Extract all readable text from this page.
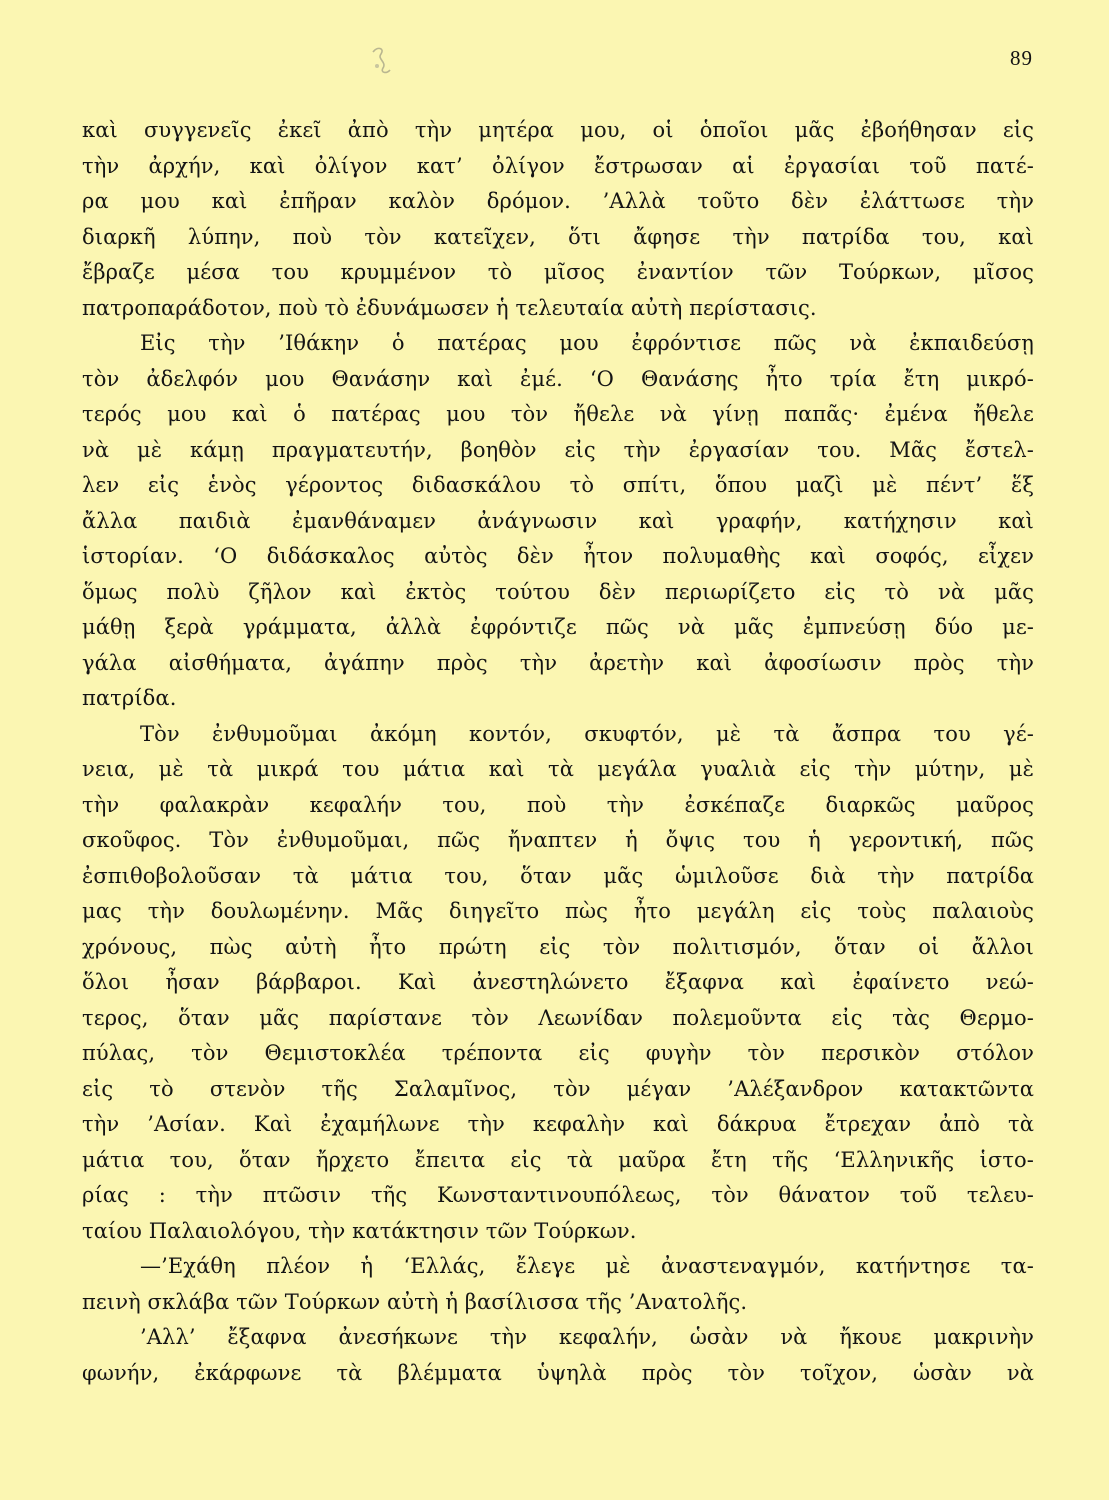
89
καὶ συγγενεῖς ἐκεῖ ἀπὸ τὴν μητέρα μου, οἱ ὁποῖοι μᾶς ἐβοήθησαν εἰς
τὴν ἀρχήν, καὶ ὀλίγον κατ’ ὀλίγον ἔστρωσαν αἱ ἐργασίαι τοῦ πατέ-
ρα μου καὶ ἐπῆραν καλὸν δρόμον. ’Αλλὰ τοῦτο δὲν ἐλάττωσε τὴν
διαρκῆ λύπην, ποὺ τὸν κατεῖχεν, ὅτι ἄφησε τὴν πατρίδα του, καὶ
ἔβραζε μέσα του κρυμμένον τὸ μῖσος ἐναντίον τῶν Τούρκων, μῖσος
πατροπαράδοτον, ποὺ τὸ ἐδυνάμωσεν ἡ τελευταία αὐτὴ περίστασις.
Εἰς τὴν ’Ιθάκην ὁ πατέρας μου ἐφρόντισε πῶς νὰ ἐκπαιδεύσῃ
τὸν ἀδελφόν μου Θανάσην καὶ ἐμέ. ‘Ο Θανάσης ἦτο τρία ἔτη μικρό-
τερός μου καὶ ὁ πατέρας μου τὸν ἤθελε νὰ γίνῃ παπᾶς· ἐμένα ἤθελε
νὰ μὲ κάμῃ πραγματευτήν, βοηθὸν εἰς τὴν ἐργασίαν του. Μᾶς ἔστελ-
λεν εἰς ἑνὸς γέροντος διδασκάλου τὸ σπίτι, ὅπου μαζὶ μὲ πέντ’ ἕξ
ἄλλα παιδιὰ ἐμανθάναμεν ἀνάγνωσιν καὶ γραφήν, κατήχησιν καὶ
ἱστορίαν. ‘Ο διδάσκαλος αὐτὸς δὲν ἦτον πολυμαθὴς καὶ σοφός, εἶχεν
ὅμως πολὺ ζῆλον καὶ ἐκτὸς τούτου δὲν περιωρίζετο εἰς τὸ νὰ μᾶς
μάθῃ ξερὰ γράμματα, ἀλλὰ ἐφρόντιζε πῶς νὰ μᾶς ἐμπνεύσῃ δύο με-
γάλα αἰσθήματα, ἀγάπην πρὸς τὴν ἀρετὴν καὶ ἀφοσίωσιν πρὸς τὴν
πατρίδα.
Τὸν ἐνθυμοῦμαι ἀκόμη κοντόν, σκυφτόν, μὲ τὰ ἄσπρα του γέ-
νεια, μὲ τὰ μικρά του μάτια καὶ τὰ μεγάλα γυαλιὰ εἰς τὴν μύτην, μὲ
τὴν φαλακρὰν κεφαλήν του, ποὺ τὴν ἐσκέπαζε διαρκῶς μαῦρος
σκοῦφος. Τὸν ἐνθυμοῦμαι, πῶς ἤναπτεν ἡ ὄψις του ἡ γεροντική, πῶς
ἐσπιθοβολοῦσαν τὰ μάτια του, ὅταν μᾶς ὡμιλοῦσε διὰ τὴν πατρίδα
μας τὴν δουλωμένην. Μᾶς διηγεῖτο πὼς ἦτο μεγάλη εἰς τοὺς παλαιοὺς
χρόνους, πὼς αὐτὴ ἦτο πρώτη εἰς τὸν πολιτισμόν, ὅταν οἱ ἄλλοι
ὅλοι ἦσαν βάρβαροι. Καὶ ἀνεστηλώνετο ἔξαφνα καὶ ἐφαίνετο νεώ-
τερος, ὅταν μᾶς παρίστανε τὸν Λεωνίδαν πολεμοῦντα εἰς τὰς Θερμο-
πύλας, τὸν Θεμιστοκλέα τρέποντα εἰς φυγὴν τὸν περσικὸν στόλον
εἰς τὸ στενὸν τῆς Σαλαμῖνος, τὸν μέγαν ’Αλέξανδρον κατακτῶντα
τὴν ’Ασίαν. Καὶ ἐχαμήλωνε τὴν κεφαλὴν καὶ δάκρυα ἔτρεχαν ἀπὸ τὰ
μάτια του, ὅταν ἤρχετο ἔπειτα εἰς τὰ μαῦρα ἔτη τῆς ‘Ελληνικῆς ἱστο-
ρίας : τὴν πτῶσιν τῆς Κωνσταντινουπόλεως, τὸν θάνατον τοῦ τελευ-
ταίου Παλαιολόγου, τὴν κατάκτησιν τῶν Τούρκων.
—’Εχάθη πλέον ἡ ‘Ελλάς, ἔλεγε μὲ ἀναστεναγμόν, κατήντησε τα-
πεινὴ σκλάβα τῶν Τούρκων αὐτὴ ἡ βασίλισσα τῆς ’Ανατολῆς.
’Αλλ’ ἔξαφνα ἀνεσήκωνε τὴν κεφαλήν, ὡσὰν νὰ ἤκουε μακρινὴν
φωνήν, ἐκάρφωνε τὰ βλέμματα ὑψηλὰ πρὸς τὸν τοῖχον, ὡσὰν νὰ
